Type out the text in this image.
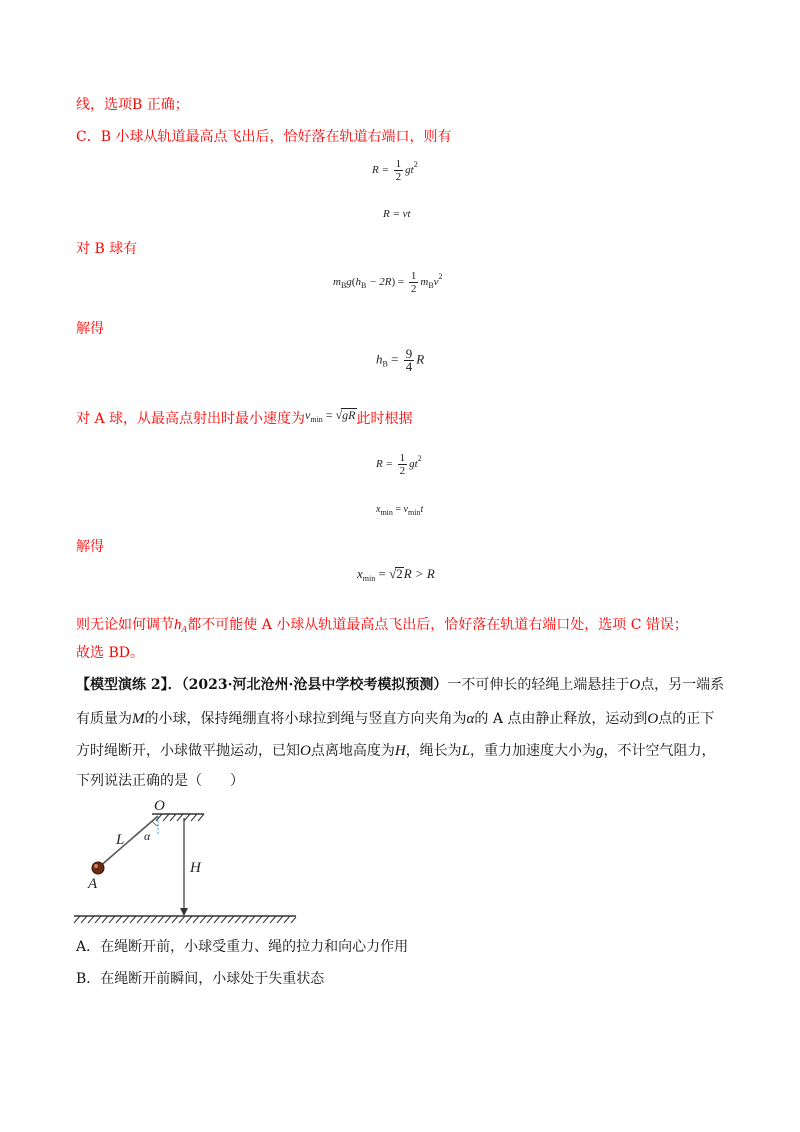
线，选项B 正确；
C．B 小球从轨道最高点飞出后，恰好落在轨道右端口，则有
$R = \frac{1}{2} gt^2$
R = vt
对 B 球有
$m_Bg(h_B - 2R) = \frac{1}{2} m_Bv^2$
解得
$h_B = \frac{9}{4}$ R
对 A 球，从最高点射出时最小速度为$v_{min} = √gR$此时根据
$R = \frac{1}{2} gt^2$
$x_{min} = v_{min}t$
解得
$x_{min} = √2R > R$
则无论如何调节$h_A$都不可能使 A 小球从轨道最高点飞出后，恰好落在轨道右端口处，选项 C 错误；
故选 BD。
【模型演练 2】．（2023·河北沧州·沧县中学校考模拟预测）一不可伸长的轻绳上端悬挂于O点，另一端系
有质量为M的小球，保持绳绷直将小球拉到绳与竖直方向夹角为α的 A 点由静止释放，运动到O点的正下
方时绳断开，小球做平抛运动，已知O点离地高度为H，绳长为L，重力加速度大小为g，不计空气阻力，
下列说法正确的是（　　）
O
α
L
A
H
A．在绳断开前，小球受重力、绳的拉力和向心力作用
B．在绳断开前瞬间，小球处于失重状态
